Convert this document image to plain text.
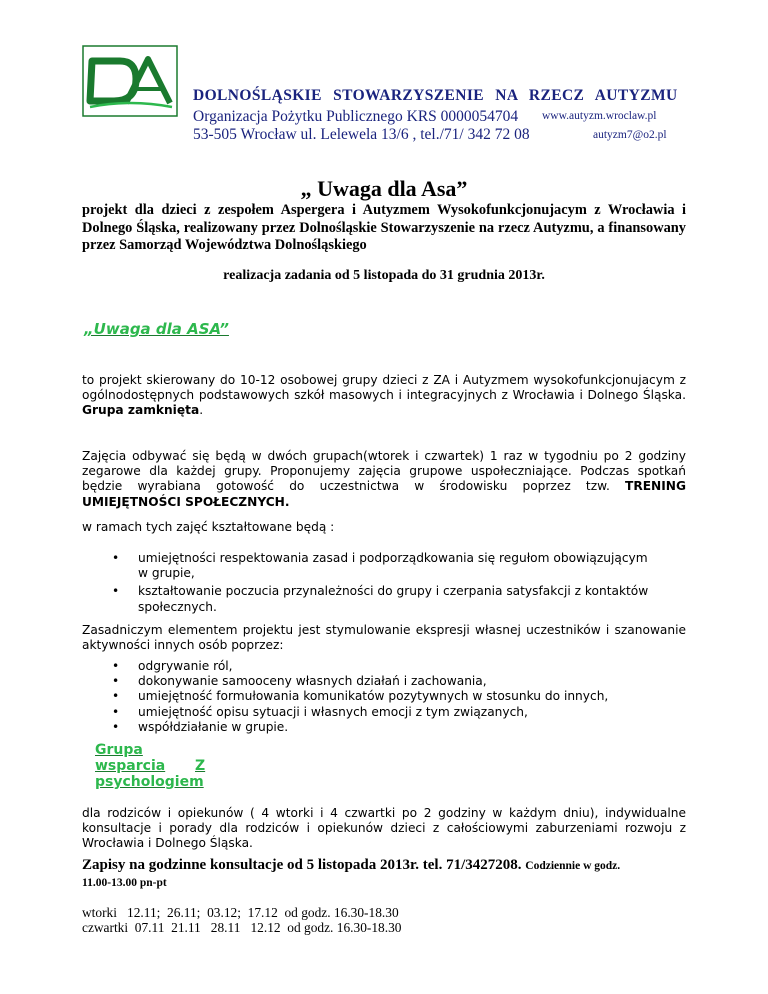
DOLNOŚLĄSKIE STOWARZYSZENIE NA RZECZ AUTYZMU
Organizacja Pożytku Publicznego KRS 0000054704 www.autyzm.wroclaw.pl
53-505 Wrocław ul. Lelewela 13/6 , tel./71/ 342 72 08	autyzm7@o2.pl
„ Uwaga dla Asa”

projekt dla dzieci z zespołem Aspergera i Autyzmem Wysokofunkcjonujacym z Wrocławia i Dolnego Śląska, realizowany przez Dolnośląskie Stowarzyszenie na rzecz Autyzmu, a finansowany przez Samorząd Województwa Dolnośląskiego

realizacja zadania od 5 listopada do 31 grudnia 2013r.
„Uwaga dla ASA”

to projekt skierowany do 10-12 osobowej grupy dzieci z ZA i Autyzmem wysokofunkcjonujacym z ogólnodostępnych podstawowych szkół masowych i integracyjnych z Wrocławia i Dolnego Śląska. Grupa zamknięta.

Zajęcia odbywać się będą w dwóch grupach(wtorek i czwartek) 1 raz w tygodniu po 2 godziny zegarowe dla każdej grupy. Proponujemy zajęcia grupowe uspołeczniające. Podczas spotkań będzie wyrabiana gotowość do uczestnictwa w środowisku poprzez tzw. TRENING UMIEJĘTNOŚCI SPOŁECZNYCH.

w ramach tych zajęć kształtowane będą :
• umiejętności respektowania zasad i podporządkowania się regułom obowiązującym w grupie,
• kształtowanie poczucia przynależności do grupy i czerpania satysfakcji z kontaktów społecznych.

Zasadniczym elementem projektu jest stymulowanie ekspresji własnej uczestników i szanowanie aktywności innych osób poprzez:

• odgrywanie ról,
• dokonywanie samooceny własnych działań i zachowania,
• umiejętność formułowania komunikatów pozytywnych w stosunku do innych,
• umiejętność opisu sytuacji i własnych emocji z tym związanych,
• współdziałanie w grupie.
Grupa
wsparcia Z
psychologiem

dla rodziców i opiekunów ( 4 wtorki i 4 czwartki po 2 godziny w każdym dniu), indywidualne konsultacje i porady dla rodziców i opiekunów dzieci z całościowymi zaburzeniami rozwoju z Wrocławia i Dolnego Śląska.

Zapisy na godzinne konsultacje od 5 listopada 2013r. tel. 71/3427208. Codziennie w godz.
11.00-13.00 pn-pt
wtorki   12.11;  26.11;  03.12;  17.12  od godz. 16.30-18.30
czwartki  07.11  21.11   28.11   12.12  od godz. 16.30-18.30
